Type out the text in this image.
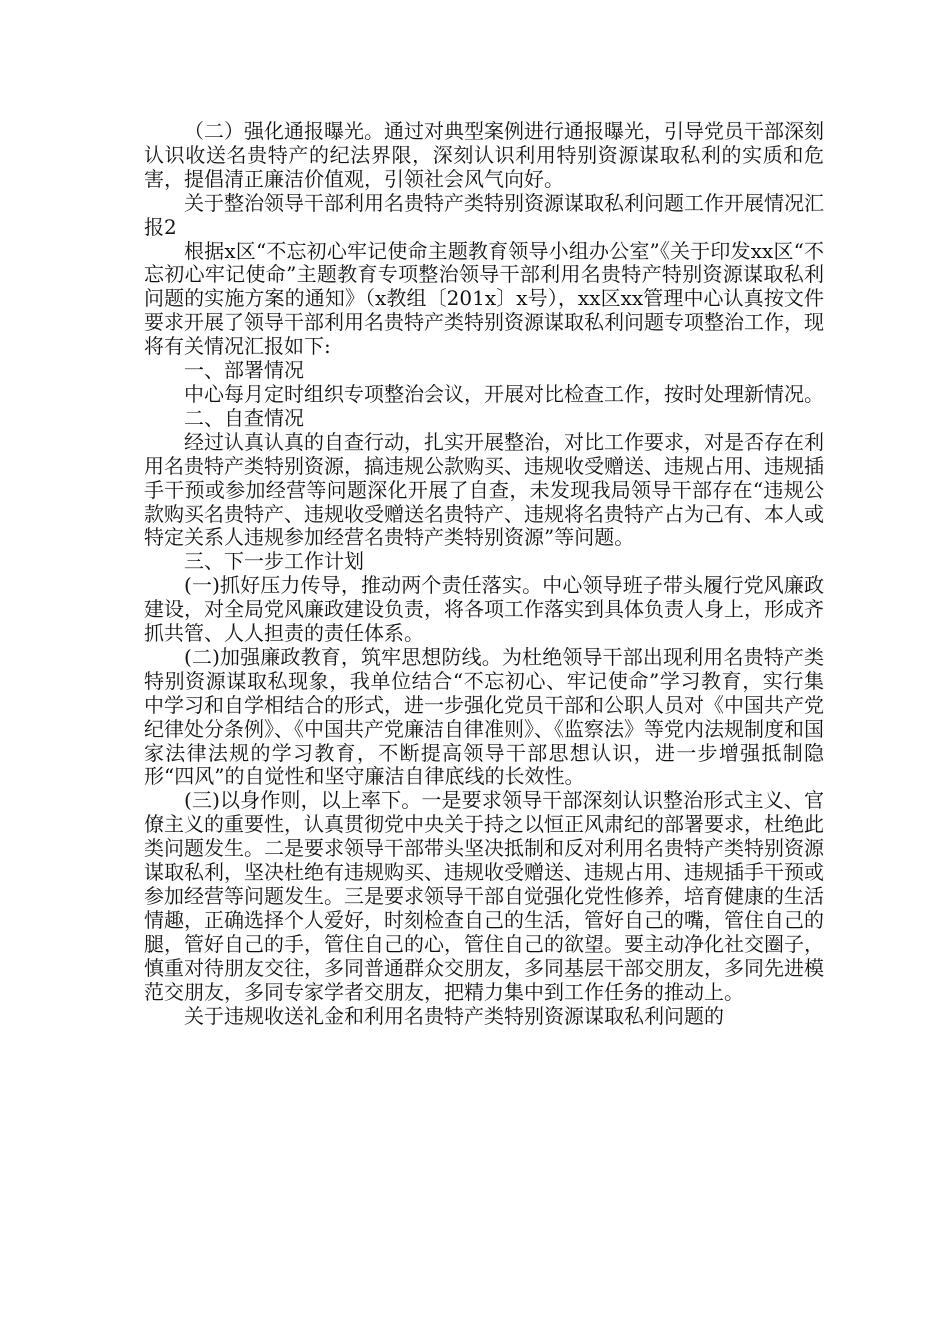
（二）强化通报曝光。通过对典型案例进行通报曝光，引导党员干部深刻认识收送名贵特产的纪法界限，深刻认识利用特别资源谋取私利的实质和危害，提倡清正廉洁价值观，引领社会风气向好。

关于整治领导干部利用名贵特产类特别资源谋取私利问题工作开展情况汇报2

根据x区“不忘初心牢记使命主题教育领导小组办公室”《关于印发xx区“不忘初心牢记使命”主题教育专项整治领导干部利用名贵特产特别资源谋取私利问题的实施方案的通知》（x教组〔201x〕x号），xx区xx管理中心认真按文件要求开展了领导干部利用名贵特产类特别资源谋取私利问题专项整治工作，现将有关情况汇报如下:

一、部署情况

中心每月定时组织专项整治会议，开展对比检查工作，按时处理新情况。

二、自查情况

经过认真认真的自查行动，扎实开展整治，对比工作要求，对是否存在利用名贵特产类特别资源，搞违规公款购买、违规收受赠送、违规占用、违规插手干预或参加经营等问题深化开展了自查，未发现我局领导干部存在“违规公款购买名贵特产、违规收受赠送名贵特产、违规将名贵特产占为己有、本人或特定关系人违规参加经营名贵特产类特别资源”等问题。

三、下一步工作计划

(一)抓好压力传导，推动两个责任落实。中心领导班子带头履行党风廉政建设，对全局党风廉政建设负责，将各项工作落实到具体负责人身上，形成齐抓共管、人人担责的责任体系。

(二)加强廉政教育，筑牢思想防线。为杜绝领导干部出现利用名贵特产类特别资源谋取私现象，我单位结合“不忘初心、牢记使命”学习教育，实行集中学习和自学相结合的形式，进一步强化党员干部和公职人员对《中国共产党纪律处分条例》、《中国共产党廉洁自律准则》、《监察法》等党内法规制度和国家法律法规的学习教育，不断提高领导干部思想认识，进一步增强抵制隐形“四风”的自觉性和坚守廉洁自律底线的长效性。

(三)以身作则，以上率下。一是要求领导干部深刻认识整治形式主义、官僚主义的重要性，认真贯彻党中央关于持之以恒正风肃纪的部署要求，杜绝此类问题发生。二是要求领导干部带头坚决抵制和反对利用名贵特产类特别资源谋取私利，坚决杜绝有违规购买、违规收受赠送、违规占用、违规插手干预或参加经营等问题发生。三是要求领导干部自觉强化党性修养，培育健康的生活情趣，正确选择个人爱好，时刻检查自己的生活，管好自己的嘴，管住自己的腿，管好自己的手，管住自己的心，管住自己的欲望。要主动净化社交圈子，慎重对待朋友交往，多同普通群众交朋友，多同基层干部交朋友，多同先进模范交朋友，多同专家学者交朋友，把精力集中到工作任务的推动上。

关于违规收送礼金和利用名贵特产类特别资源谋取私利问题的
